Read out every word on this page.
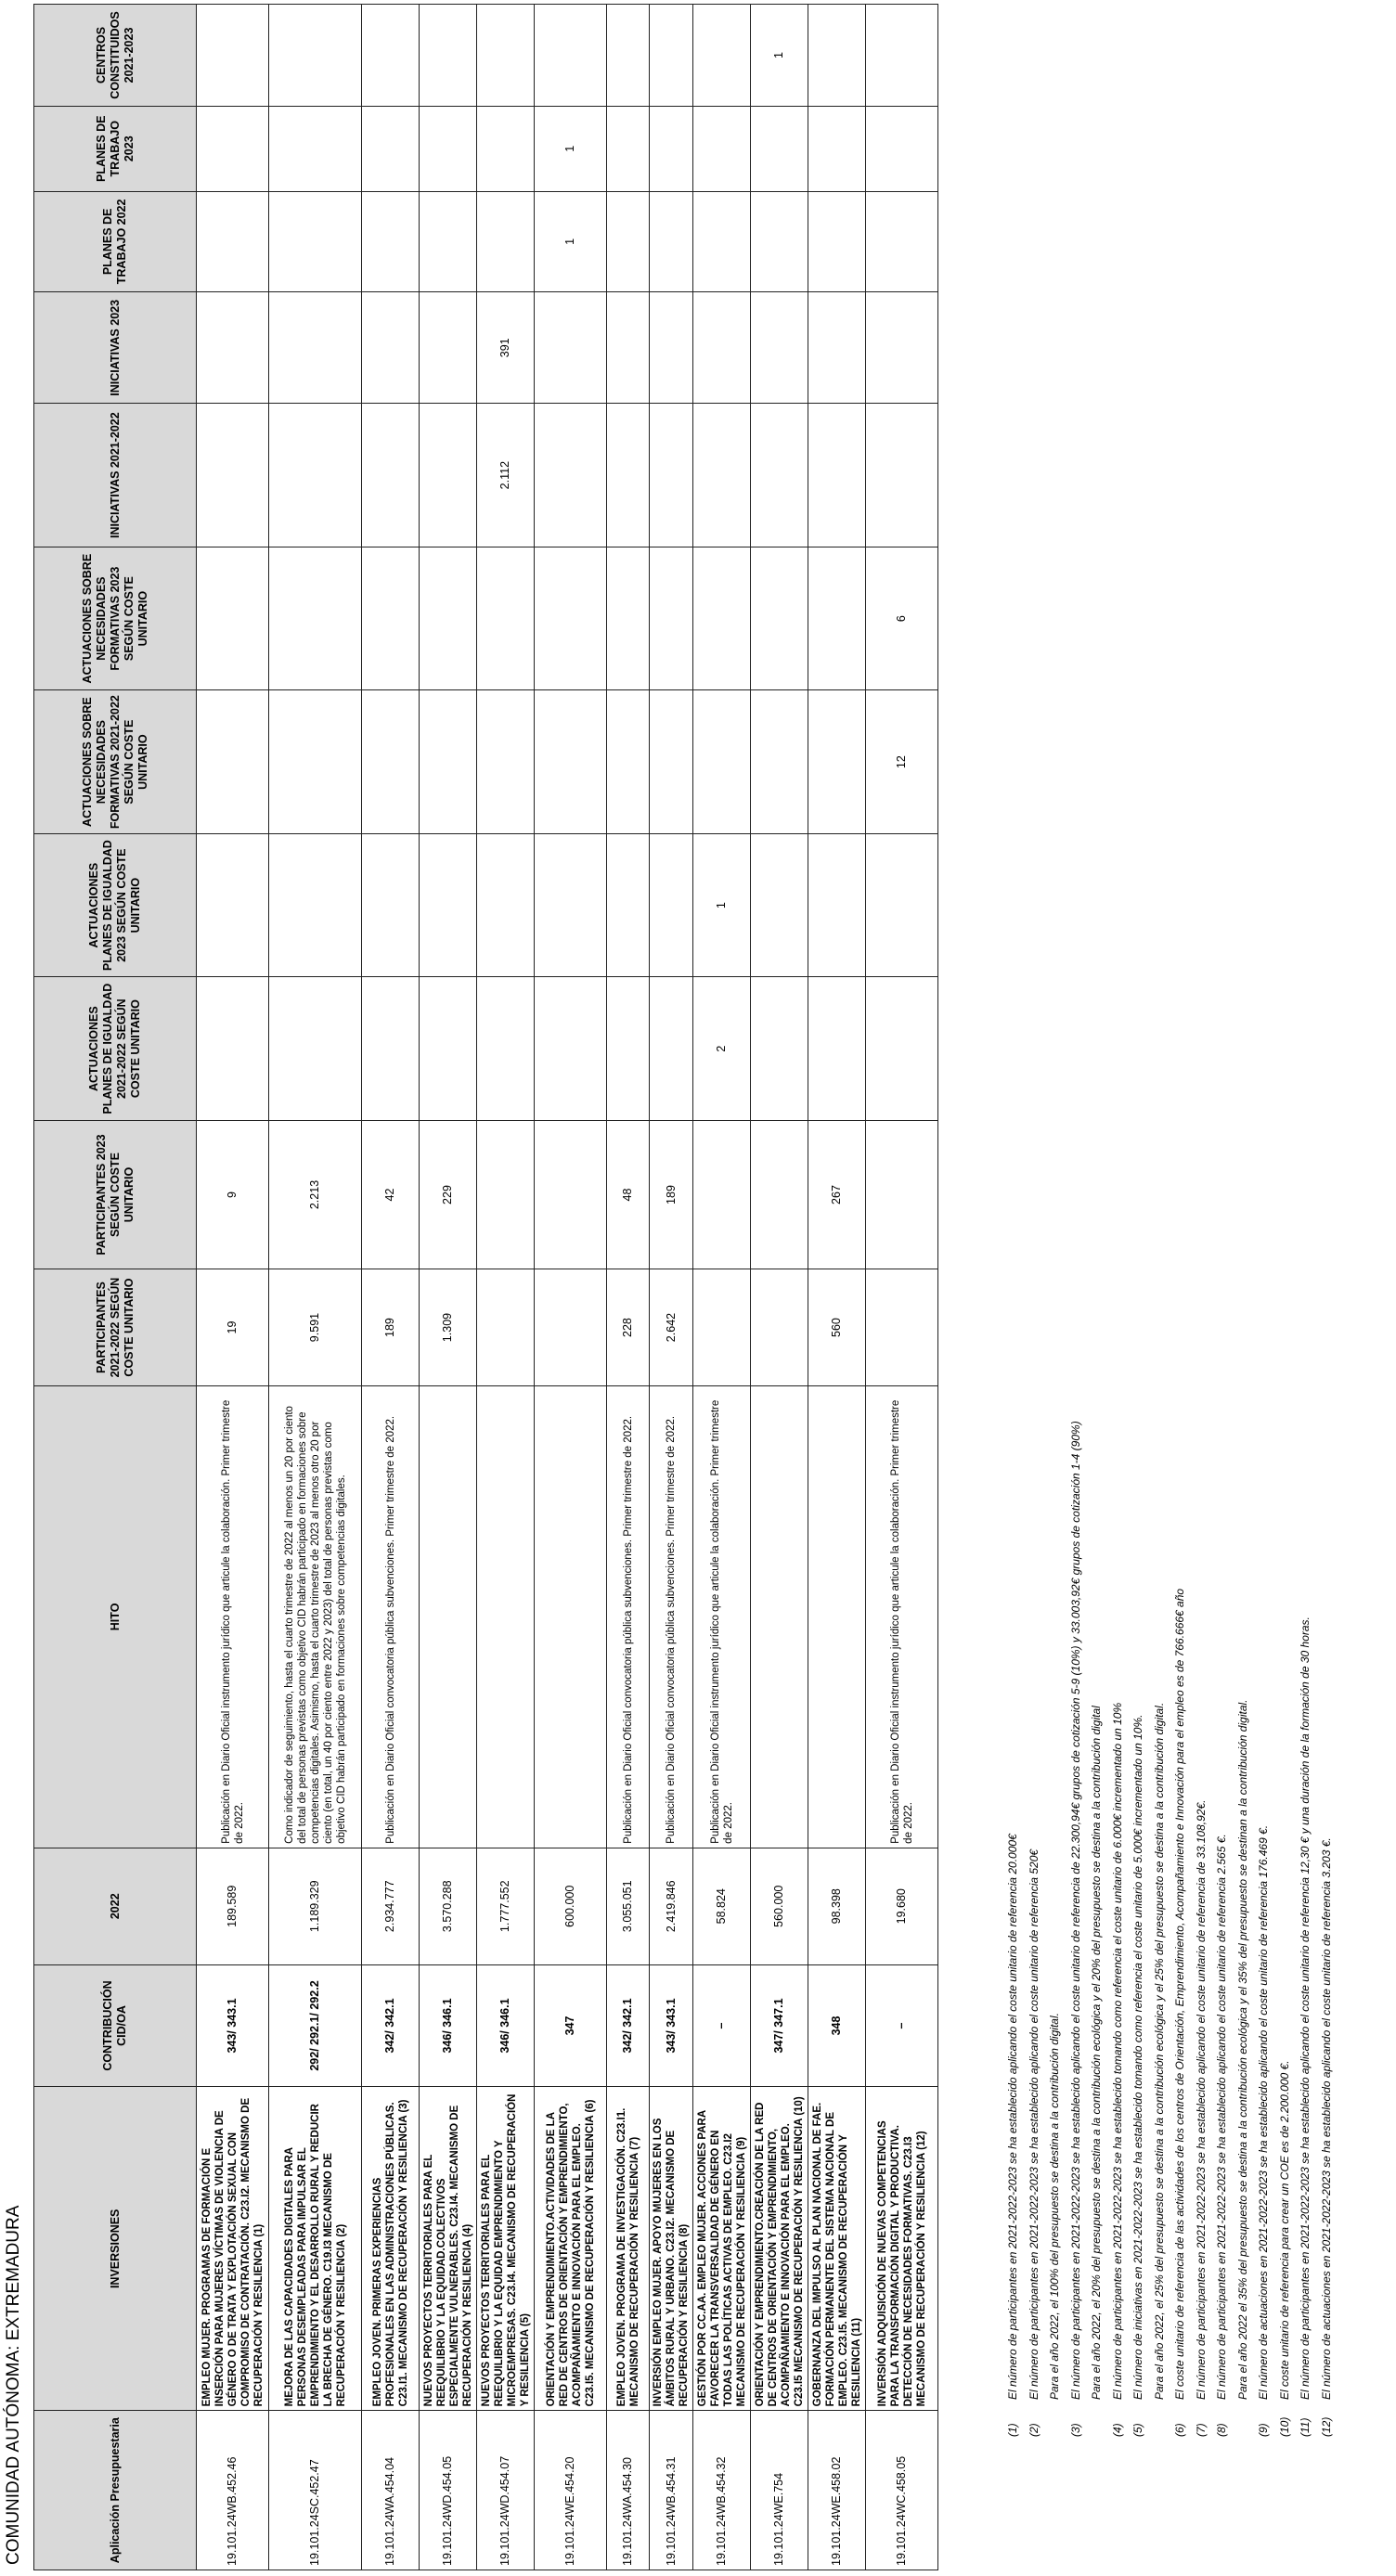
COMUNIDAD AUTÓNOMA: EXTREMADURA	Aplicación Presupuestaria	INVERSIONES	CONTRIBUCIÓN CID/OA	2022	HITO	PARTICIPANTES 2021-2022 SEGÚN COSTE UNITARIO	PARTICIPANTES 2023 SEGÚN COSTE UNITARIO	ACTUACIONES PLANES DE IGUALDAD 2021-2022 SEGÚN COSTE UNITARIO	ACTUACIONES PLANES DE IGUALDAD 2023 SEGÚN COSTE UNITARIO	ACTUACIONES SOBRE NECESIDADES FORMATIVAS 2021-2022 SEGÚN COSTE UNITARIO	ACTUACIONES SOBRE NECESIDADES FORMATIVAS 2023 SEGÚN COSTE UNITARIO	INICIATIVAS 2021-2022	INICIATIVAS 2023	PLANES DE TRABAJO 2022	PLANES DE TRABAJO 2023	CENTROS CONSTITUIDOS 2021-2023
19.101.24WB.452.46	EMPLEO MUJER. PROGRAMAS DE FORMACIÓN E INSERCIÓN PARA MUJERES VÍCTIMAS DE VIOLENCIA DE GÉNERO O DE TRATA Y EXPLOTACIÓN SEXUAL CON COMPROMISO DE CONTRATACIÓN. C23.I2. MECANISMO DE RECUPERACIÓN Y RESILIENCIA (1)	343/ 343.1	189.589	Publicación en Diario Oficial instrumento jurídico que articule la colaboración. Primer trimestre de 2022.	19	9									
19.101.24SC.452.47	MEJORA DE LAS CAPACIDADES DIGITALES PARA PERSONAS DESEMPLEADAS PARA IMPULSAR EL EMPRENDIMIENTO Y EL DESARROLLO RURAL Y REDUCIR LA BRECHA DE GÉNERO. C19.I3 MECANISMO DE RECUPERACIÓN Y RESILIENCIA (2)	292/ 292.1/ 292.2	1.189.329	Como indicador de seguimiento, hasta el cuarto trimestre de 2022 al menos un 20 por ciento del total de personas previstas como objetivo CID habrán participado en formaciones sobre competencias digitales. Asimismo, hasta el cuarto trimestre de 2023 al menos otro 20 por ciento (en total, un 40 por ciento entre 2022 y 2023) del total de personas previstas como objetivo CID habrán participado en formaciones sobre competencias digitales.	9.591	2.213									
19.101.24WA.454.04	EMPLEO JOVEN. PRIMERAS EXPERIENCIAS PROFESIONALES EN LAS ADMINISTRACIONES PÚBLICAS. C23.I1. MECANISMO DE RECUPERACIÓN Y RESILIENCIA (3)	342/ 342.1	2.934.777	Publicación en Diario Oficial convocatoria pública subvenciones. Primer trimestre de 2022.	189	42									
19.101.24WD.454.05	NUEVOS PROYECTOS TERRITORIALES PARA EL REEQUILIBRIO Y LA EQUIDAD.COLECTIVOS ESPECIALMENTE VULNERABLES. C23.I4. MECANISMO DE RECUPERACIÓN Y RESILIENCIA (4)	346/ 346.1	3.570.288		1.309	229									
19.101.24WD.454.07	NUEVOS PROYECTOS TERRITORIALES PARA EL REEQUILIBRIO Y LA EQUIDAD EMPRENDIMIENTO Y MICROEMPRESAS. C23.I4. MECANISMO DE RECUPERACIÓN Y RESILIENCIA (5)	346/ 346.1	1.777.552								2.112	391			
19.101.24WE.454.20	ORIENTACIÓN Y EMPRENDIMIENTO.ACTIVIDADES DE LA RED DE CENTROS DE ORIENTACIÓN Y EMPRENDIMIENTO, ACOMPAÑAMIENTO E INNOVACIÓN PARA EL EMPLEO. C23.I5. MECANISMO DE RECUPERACIÓN Y RESILIENCIA (6)	347	600.000										1	1	
19.101.24WA.454.30	EMPLEO JOVEN. PROGRAMA DE INVESTIGACIÓN. C23.I1. MECANISMO DE RECUPERACIÓN Y RESILIENCIA (7)	342/ 342.1	3.055.051	Publicación en Diario Oficial convocatoria pública subvenciones. Primer trimestre de 2022.	228	48									
19.101.24WB.454.31	INVERSIÓN EMPLEO MUJER. APOYO MUJERES EN LOS ÁMBITOS RURAL Y URBANO. C23.I2. MECANISMO DE RECUPERACIÓN Y RESILIENCIA (8)	343/ 343.1	2.419.846	Publicación en Diario Oficial convocatoria pública subvenciones. Primer trimestre de 2022.	2.642	189									
19.101.24WB.454.32	GESTIÓN POR CC.AA. EMPLEO MUJER. ACCIONES PARA FAVORECER LA TRANSVERSALIDAD DE GÉNERO EN TODAS LAS POLÍTICAS ACTIVAS DE EMPLEO. C23.I2 MECANISMO DE RECUPERACIÓN Y RESILIENCIA (9)	–	58.824	Publicación en Diario Oficial instrumento jurídico que articule la colaboración. Primer trimestre de 2022.			2	1							
19.101.24WE.754	ORIENTACIÓN Y EMPRENDIMIENTO.CREACIÓN DE LA RED DE CENTROS DE ORIENTACIÓN Y EMPRENDIMIENTO, ACOMPAÑAMIENTO E INNOVACIÓN PARA EL EMPLEO. C23.I5 MECANISMO DE RECUPERACIÓN Y RESILIENCIA (10)	347/ 347.1	560.000												1
19.101.24WE.458.02	GOBERNANZA DEL IMPULSO AL PLAN NACIONAL DE FAE. FORMACIÓN PERMANENTE DEL SISTEMA NACIONAL DE EMPLEO. C23.I5. MECANISMO DE RECUPERACIÓN Y RESILIENCIA (11)	348	98.398		560	267									
19.101.24WC.458.05	INVERSIÓN ADQUISICIÓN DE NUEVAS COMPETENCIAS PARA LA TRANSFORMACIÓN DIGITAL Y PRODUCTIVA. DETECCIÓN DE NECESIDADES FORMATIVAS. C23.I3 MECANISMO DE RECUPERACIÓN Y RESILIENCIA (12)	–	19.680	Publicación en Diario Oficial instrumento jurídico que articule la colaboración. Primer trimestre de 2022.					12	6					
(1)
El número de participantes en 2021-2022-2023 se ha establecido aplicando el coste unitario de referencia 20.000€
(2)
El número de participantes en 2021-2022-2023 se ha establecido aplicando el coste unitario de referencia 520€ Para el año 2022, el 100% del presupuesto se destina a la contribución digital.
(3)
El número de participantes en 2021-2022-2023 se ha establecido aplicando el coste unitario de referencia de 22.300,94€ grupos de cotización 5-9 (10%) y 33.003,92€ grupos de cotización 1-4 (90%) Para el año 2022, el 20% del presupuesto se destina a la contribución ecológica y el 20% del presupuesto se destina a la contribución digital
(4)
El número de participantes en 2021-2022-2023 se ha establecido tomando como referencia el coste unitario de 6.000€ incrementado un 10%
(5)
El número de iniciativas en 2021-2022-2023 se ha establecido tomando como referencia el coste unitario de 5.000€ incrementado un 10%. Para el año 2022, el 25% del presupuesto se destina a la contribución ecológica y el 25% del presupuesto se destina a la contribución digital.
(6)
El coste unitario de referencia de las actividades de los centros de Orientación, Emprendimiento, Acompañamiento e Innovación para el empleo es de 766.666€ año
(7)
El número de participantes en 2021-2022-2023 se ha establecido aplicando el coste unitario de referencia de 33.108,92€.
(8)
El número de participantes en 2021-2022-2023 se ha establecido aplicando el coste unitario de referencia 2.565 €. Para el año 2022 el 35% del presupuesto se destina a la contribución ecológica y el 35% del presupuesto se destinan a la contribución digital.
(9)
El número de actuaciones en 2021-2022-2023 se ha establecido aplicando el coste unitario de referencia 176.469 €.
(10)
El coste unitario de referencia para crear un COE es de 2.200.000 €.
(11)
El número de participantes en 2021-2022-2023 se ha establecido aplicando el coste unitario de referencia 12,30 € y una duración de la formación de 30 horas.
(12)
El número de actuaciones en 2021-2022-2023 se ha establecido aplicando el coste unitario de referencia 3.203 €.
